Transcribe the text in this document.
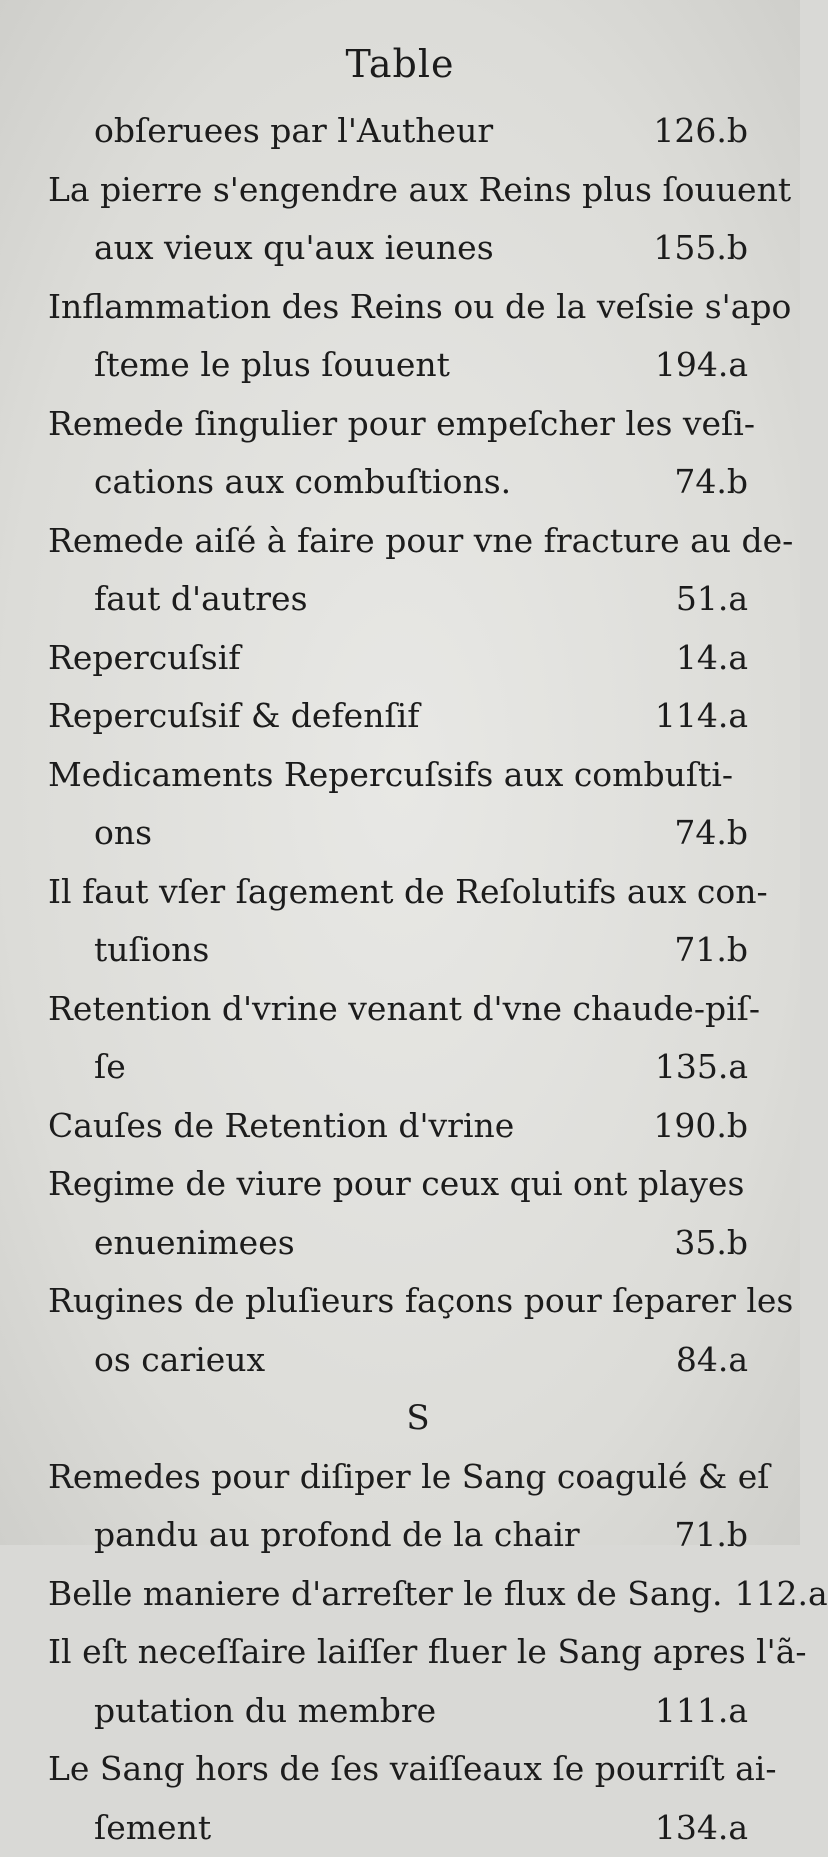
Table
obſeruees par l'Autheur	126.b
La pierre s'engendre aux Reins plus ſouuent
aux vieux qu'aux ieunes	155.b
Inflammation des Reins ou de la veſsie s'apo
ſteme le plus ſouuent	194.a
Remede ſingulier pour empeſcher les veſi-
cations aux combuſtions.	74.b
Remede aiſé à faire pour vne fracture au de-
faut d'autres	51.a
Repercuſsif	14.a
Repercuſsif & defenſif	114.a
Medicaments Repercuſsifs aux combuſti-
ons	74.b
Il faut vſer ſagement de Reſolutifs aux con-
tuſions	71.b
Retention d'vrine venant d'vne chaude-piſ-
ſe	135.a
Cauſes de Retention d'vrine	190.b
Regime de viure pour ceux qui ont playes
enuenimees	35.b
Rugines de pluſieurs façons pour ſeparer les
os carieux	84.a
S
Remedes pour diſiper le Sang coagulé & eſ
pandu au profond de la chair	71.b
Belle maniere d'arreſter le flux de Sang. 112.a
Il eſt neceſſaire laiſſer fluer le Sang apres l'ã-
putation du membre	111.a
Le Sang hors de ſes vaiſſeaux ſe pourriſt ai-
ſement	134.a
